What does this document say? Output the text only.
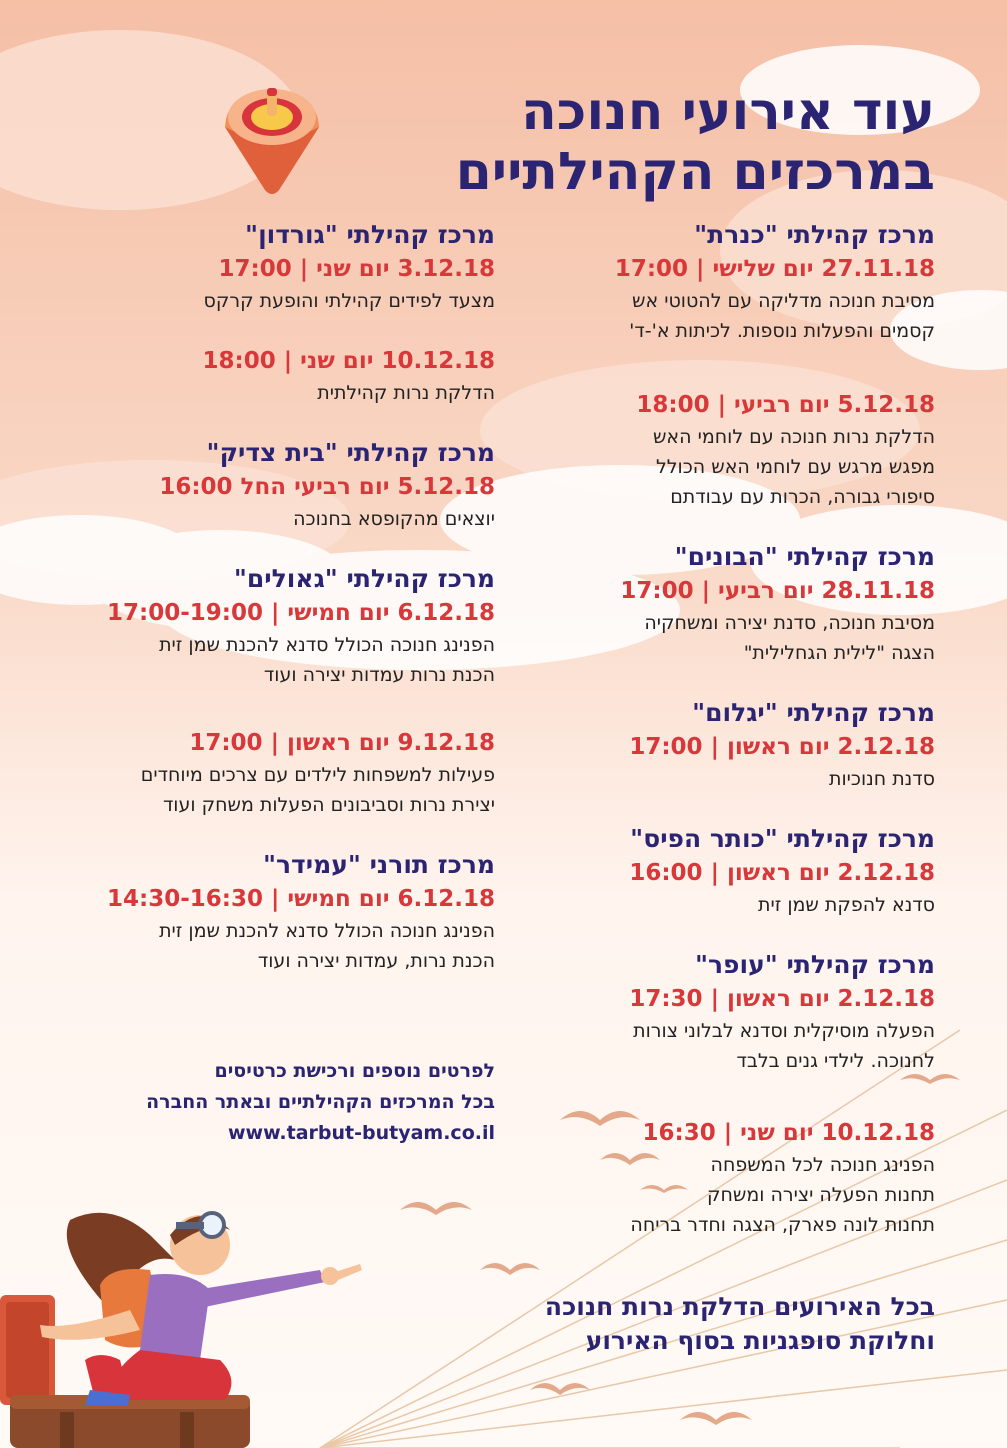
עוד אירועי חנוכה
במרכזים הקהילתיים

מרכז קהילתי "כנרת"

27.11.18 יום שלישי | 17:00

מסיבת חנוכה מדליקה עם להטוטי אש

קסמים והפעלות נוספות. לכיתות א'-ד'

5.12.18 יום רביעי | 18:00

הדלקת נרות חנוכה עם לוחמי האש

מפגש מרגש עם לוחמי האש הכולל

סיפורי גבורה, הכרות עם עבודתם

מרכז קהילתי "הבונים"

28.11.18 יום רביעי | 17:00

מסיבת חנוכה, סדנת יצירה ומשחקיה

הצגה "לילית הגחלילית"

מרכז קהילתי "יגלום"

2.12.18 יום ראשון | 17:00

סדנת חנוכיות

מרכז קהילתי "כותר הפיס"

2.12.18 יום ראשון | 16:00

סדנא להפקת שמן זית

מרכז קהילתי "עופר"

2.12.18 יום ראשון | 17:30

הפעלה מוסיקלית וסדנא לבלוני צורות

לחנוכה. לילדי גנים בלבד

10.12.18 יום שני | 16:30

הפנינג חנוכה לכל המשפחה

תחנות הפעלה יצירה ומשחק

תחנות לונה פארק, הצגה וחדר בריחה

מרכז קהילתי "גורדון"

3.12.18 יום שני | 17:00

מצעד לפידים קהילתי והופעת קרקס

10.12.18 יום שני | 18:00

הדלקת נרות קהילתית

מרכז קהילתי "בית צדיק"

5.12.18 יום רביעי החל 16:00

יוצאים מהקופסא בחנוכה

מרכז קהילתי "גאולים"

6.12.18 יום חמישי | 17:00-19:00

הפנינג חנוכה הכולל סדנא להכנת שמן זית

הכנת נרות עמדות יצירה ועוד

9.12.18 יום ראשון | 17:00

פעילות למשפחות לילדים עם צרכים מיוחדים

יצירת נרות וסביבונים הפעלות משחק ועוד

מרכז תורני "עמידר"

6.12.18 יום חמישי | 14:30-16:30

הפנינג חנוכה הכולל סדנא להכנת שמן זית

הכנת נרות, עמדות יצירה ועוד

לפרטים נוספים ורכישת כרטיסים

בכל המרכזים הקהילתיים ובאתר החברה

www.tarbut-butyam.co.il

בכל האירועים הדלקת נרות חנוכה

וחלוקת סופגניות בסוף האירוע
